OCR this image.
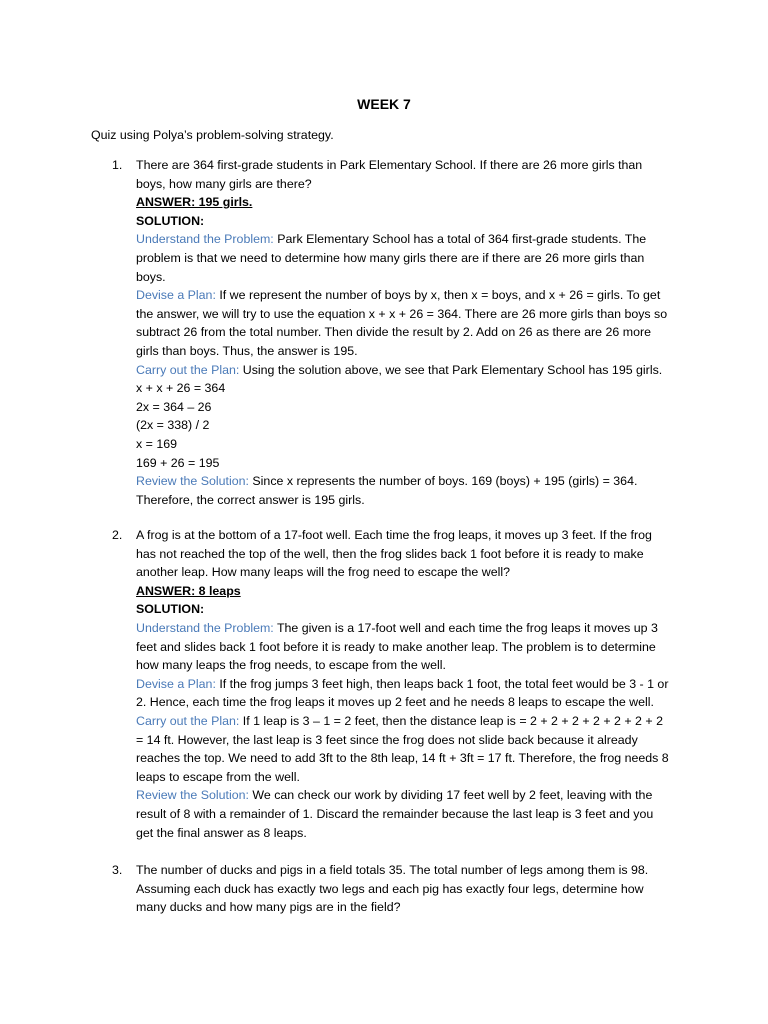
WEEK 7
Quiz using Polya’s problem-solving strategy.
1.	There are 364 first-grade students in Park Elementary School. If there are 26 more girls than boys, how many girls are there?

ANSWER: 195 girls.

SOLUTION:

Understand the Problem: Park Elementary School has a total of 364 first-grade students. The problem is that we need to determine how many girls there are if there are 26 more girls than boys.

Devise a Plan: If we represent the number of boys by x, then x = boys, and x + 26 = girls. To get the answer, we will try to use the equation x + x + 26 = 364. There are 26 more girls than boys so subtract 26 from the total number. Then divide the result by 2. Add on 26 as there are 26 more girls than boys. Thus, the answer is 195.

Carry out the Plan: Using the solution above, we see that Park Elementary School has 195 girls.

x + x + 26 = 364

2x = 364 – 26

(2x = 338) / 2

x = 169

169 + 26 = 195

Review the Solution: Since x represents the number of boys. 169 (boys) + 195 (girls) = 364. Therefore, the correct answer is 195 girls.

2.	A frog is at the bottom of a 17-foot well. Each time the frog leaps, it moves up 3 feet. If the frog has not reached the top of the well, then the frog slides back 1 foot before it is ready to make another leap. How many leaps will the frog need to escape the well?

ANSWER: 8 leaps

SOLUTION:

Understand the Problem: The given is a 17-foot well and each time the frog leaps it moves up 3 feet and slides back 1 foot before it is ready to make another leap. The problem is to determine how many leaps the frog needs, to escape from the well.

Devise a Plan: If the frog jumps 3 feet high, then leaps back 1 foot, the total feet would be 3 - 1 or 2. Hence, each time the frog leaps it moves up 2 feet and he needs 8 leaps to escape the well.

Carry out the Plan: If 1 leap is 3 – 1 = 2 feet, then the distance leap is = 2 + 2 + 2 + 2 + 2 + 2 + 2 = 14 ft. However, the last leap is 3 feet since the frog does not slide back because it already reaches the top. We need to add 3ft to the 8th leap, 14 ft + 3ft = 17 ft. Therefore, the frog needs 8 leaps to escape from the well.

Review the Solution: We can check our work by dividing 17 feet well by 2 feet, leaving with the result of 8 with a remainder of 1. Discard the remainder because the last leap is 3 feet and you get the final answer as 8 leaps.

3.	The number of ducks and pigs in a field totals 35. The total number of legs among them is 98. Assuming each duck has exactly two legs and each pig has exactly four legs, determine how many ducks and how many pigs are in the field?
